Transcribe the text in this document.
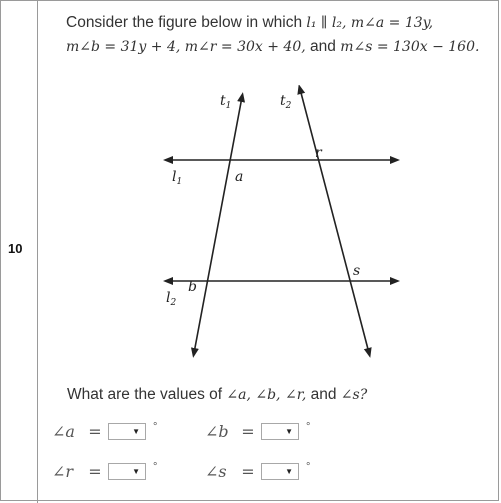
10
Consider the figure below in which l₁ ∥ l₂, m∠a = 13y,
m∠b = 31y + 4, m∠r = 30x + 40, and m∠s = 130x − 160.
$t_1$	$t_2$
$l_1$
$l_2$
a
b
r
s
What are the values of ∠a, ∠b, ∠r, and ∠s?
∠a =	▼ °	∠b =	▼ °
∠r =	▼ °	∠s =	▼ °
